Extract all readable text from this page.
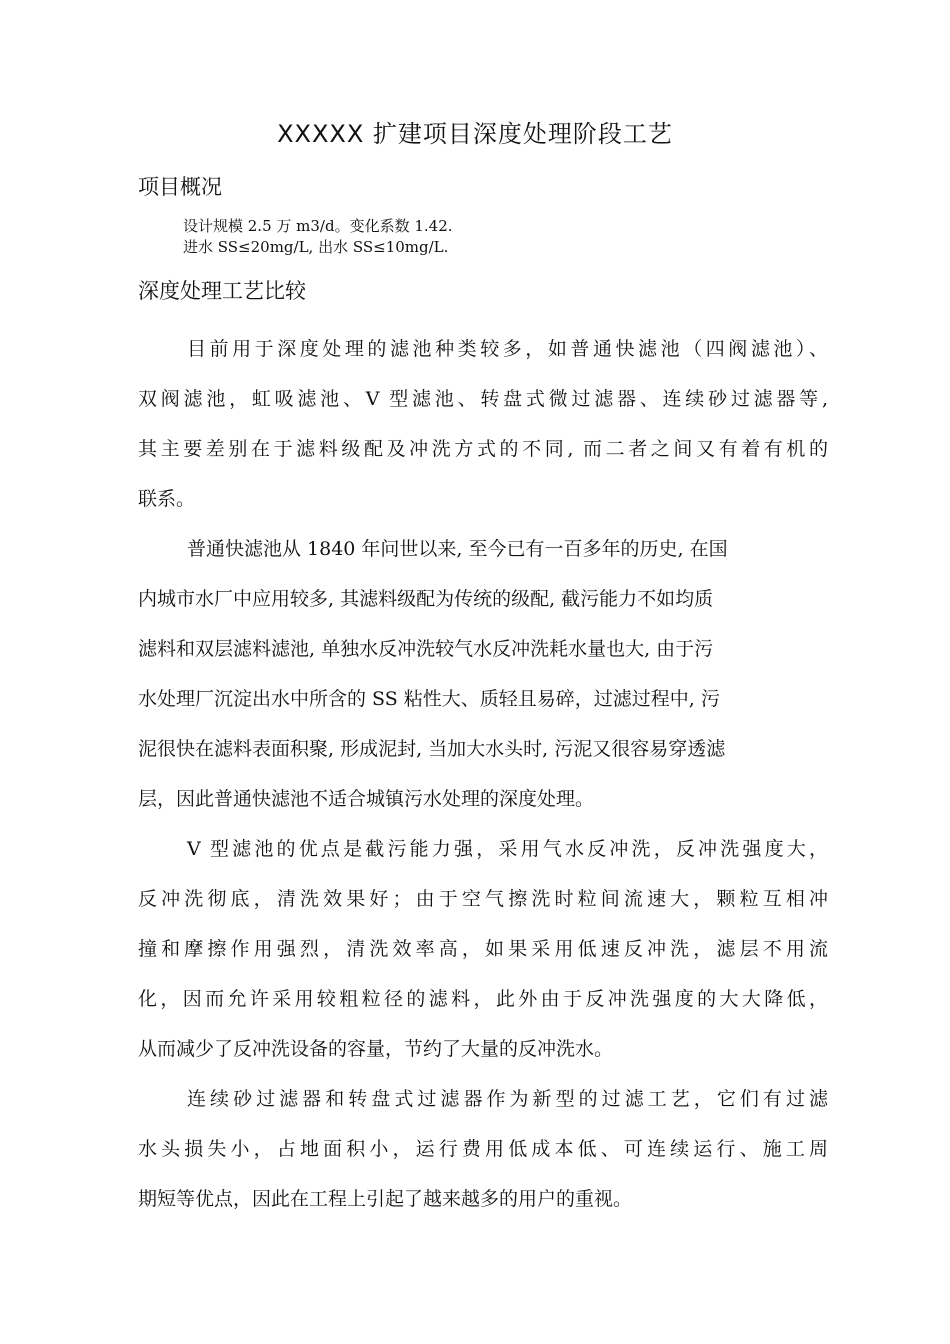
XXXXX 扩建项目深度处理阶段工艺
项目概况
设计规模 2.5 万 m3/d。变化系数 1.42.
进水 SS≤20mg/L, 出水 SS≤10mg/L.
深度处理工艺比较

目前用于深度处理的滤池种类较多，如普通快滤池（四阀滤池）、
双阀滤池，虹吸滤池、V 型滤池、转盘式微过滤器、连续砂过滤器等,
其主要差别在于滤料级配及冲洗方式的不同, 而二者之间又有着有机的
联系。

普通快滤池从 1840 年问世以来, 至今已有一百多年的历史, 在国
内城市水厂中应用较多, 其滤料级配为传统的级配, 截污能力不如均质
滤料和双层滤料滤池, 单独水反冲洗较气水反冲洗耗水量也大, 由于污
水处理厂沉淀出水中所含的 SS 粘性大、质轻且易碎，过滤过程中, 污
泥很快在滤料表面积聚, 形成泥封, 当加大水头时, 污泥又很容易穿透滤
层，因此普通快滤池不适合城镇污水处理的深度处理。

V 型滤池的优点是截污能力强，采用气水反冲洗，反冲洗强度大，
反冲洗彻底，清洗效果好；由于空气擦洗时粒间流速大，颗粒互相冲
撞和摩擦作用强烈，清洗效率高，如果采用低速反冲洗，滤层不用流
化，因而允许采用较粗粒径的滤料，此外由于反冲洗强度的大大降低，
从而减少了反冲洗设备的容量，节约了大量的反冲洗水。

连续砂过滤器和转盘式过滤器作为新型的过滤工艺，它们有过滤
水头损失小，占地面积小，运行费用低成本低、可连续运行、施工周
期短等优点，因此在工程上引起了越来越多的用户的重视。
